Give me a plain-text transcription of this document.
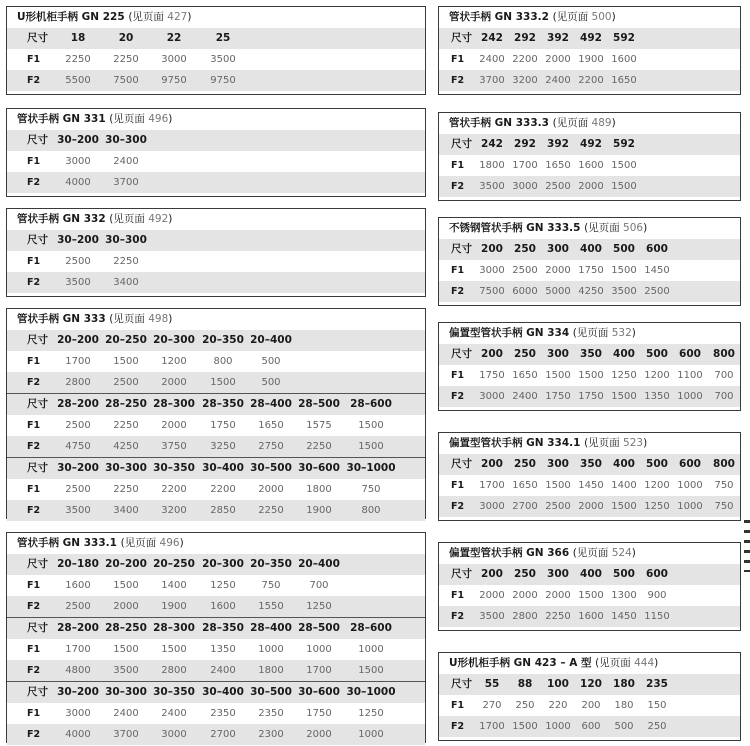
U形机柜手柄 GN 225 (见页面 427)
尺寸	18	20	22	25
F1	2250	2250	3000	3500
F2	5500	7500	9750	9750
管状手柄 GN 331 (见页面 496)
尺寸 30–200 30–300
F1	3000	2400
F2	4000	3700
管状手柄 GN 332 (见页面 492)
尺寸 30–200 30–300
F1	2500	2250
F2	3500	3400
管状手柄 GN 333 (见页面 498)
尺寸 20–200 20–250 20–300 20–350 20–400
F1	1700	1500	1200	800	500
F2	2800	2500	2000	1500	500
尺寸 28–200 28–250 28–300 28–350 28–400 28–500 28–600
F1	2500	2250	2000	1750	1650	1575	1500
F2	4750	4250	3750	3250	2750	2250	1500
尺寸 30–200 30–300 30–350 30–400 30–500 30–600 30–1000
F1	2500	2250	2200	2200	2000	1800	750
F2	3500	3400	3200	2850	2250	1900	800
管状手柄 GN 333.1 (见页面 496)
尺寸 20–180 20–200 20–250 20–300 20–350 20–400
F1	1600	1500	1400	1250	750	700
F2	2500	2000	1900	1600	1550	1250
尺寸 28–200 28–250 28–300 28–350 28–400 28–500 28–600
F1	1700	1500	1500	1350	1000	1000	1000
F2	4800	3500	2800	2400	1800	1700	1500
尺寸 30–200 30–300 30–350 30–400 30–500 30–600 30–1000
F1	3000	2400	2400	2350	2350	1750	1250
F2	4000	3700	3000	2700	2300	2000	1000
管状手柄 GN 333.2 (见页面 500)
尺寸 242	292	392	492	592
F1	2400 2200 2000 1900 1600
F2	3700 3200 2400 2200 1650
管状手柄 GN 333.3 (见页面 489)
尺寸 242	292	392	492	592
F1	1800 1700 1650 1600 1500
F2	3500 3000 2500 2000 1500
不锈钢管状手柄 GN 333.5 (见页面 506)
尺寸 200	250	300	400	500	600
F1	3000 2500 2000 1750 1500 1450
F2	7500 6000 5000 4250 3500 2500
偏置型管状手柄 GN 334 (见页面 532)
尺寸 200	250	300	350	400	500	600	800
F1	1750 1650 1500 1500 1250 1200 1100	700
F2	3000 2400 1750 1750 1500 1350 1000	700
偏置型管状手柄 GN 334.1 (见页面 523)
尺寸 200	250	300	350	400	500	600	800
F1	1700 1650 1500 1450 1400 1200 1000	750
F2	3000 2700 2500 2000 1500 1250 1000	750
偏置型管状手柄 GN 366 (见页面 524)
尺寸 200	250	300	400	500	600
F1	2000 2000 2000 1500 1300	900
F2	3500 2800 2250 1600 1450 1150
U形机柜手柄 GN 423 – A 型 (见页面 444)
尺寸	55	88	100	120	180	235
F1	270	250	220	200	180	150
F2	1700 1500 1000	600	500	250
